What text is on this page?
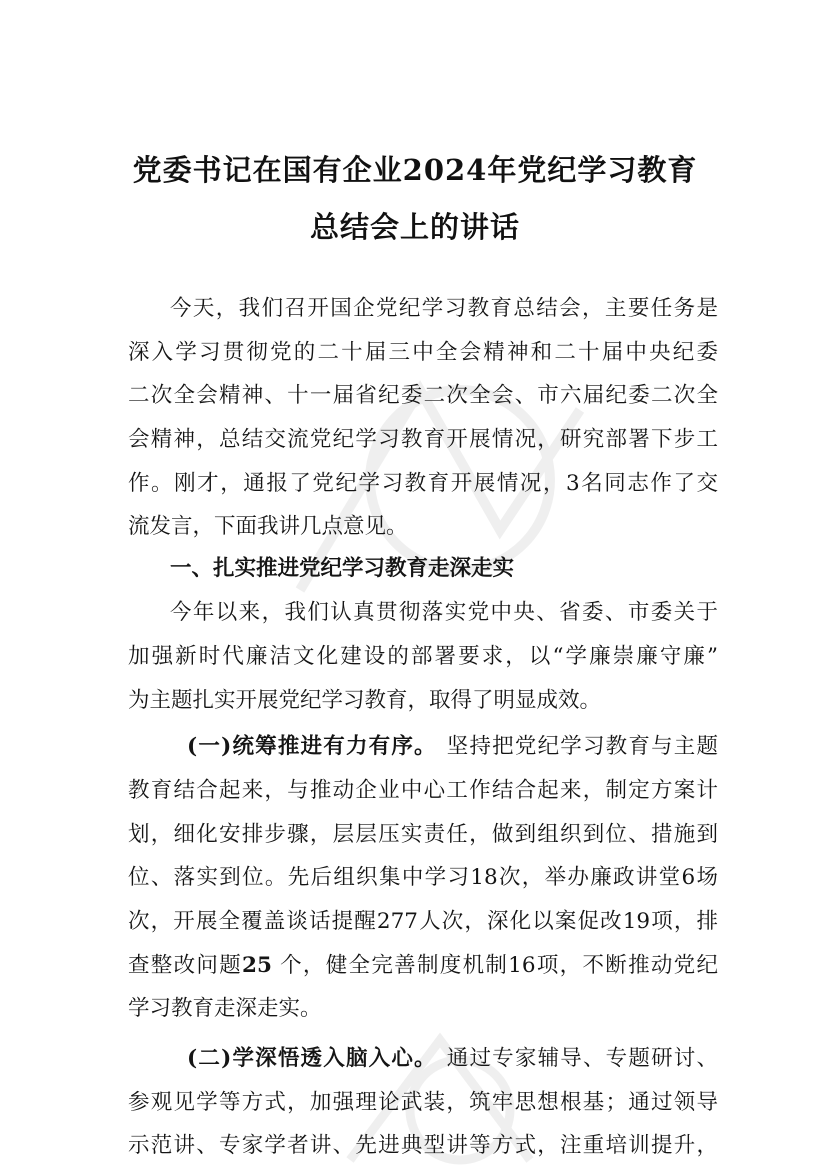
党委书记在国有企业2024年党纪学习教育
总结会上的讲话
今天，我们召开国企党纪学习教育总结会，主要任务是
深入学习贯彻党的二十届三中全会精神和二十届中央纪委
二次全会精神、十一届省纪委二次全会、市六届纪委二次全
会精神，总结交流党纪学习教育开展情况，研究部署下步工
作。刚才，通报了党纪学习教育开展情况，3名同志作了交
流发言，下面我讲几点意见。
一、扎实推进党纪学习教育走深走实
今年以来，我们认真贯彻落实党中央、省委、市委关于
加强新时代廉洁文化建设的部署要求，以“学廉崇廉守廉”
为主题扎实开展党纪学习教育，取得了明显成效。
(一)统筹推进有力有序。 坚持把党纪学习教育与主题
教育结合起来，与推动企业中心工作结合起来，制定方案计
划，细化安排步骤，层层压实责任，做到组织到位、措施到
位、落实到位。先后组织集中学习18次，举办廉政讲堂6场
次，开展全覆盖谈话提醒277人次，深化以案促改19项，排
查整改问题25 个，健全完善制度机制16项，不断推动党纪
学习教育走深走实。
(二)学深悟透入脑入心。 通过专家辅导、专题研讨、
参观见学等方式，加强理论武装，筑牢思想根基；通过领导
示范讲、专家学者讲、先进典型讲等方式，注重培训提升，
